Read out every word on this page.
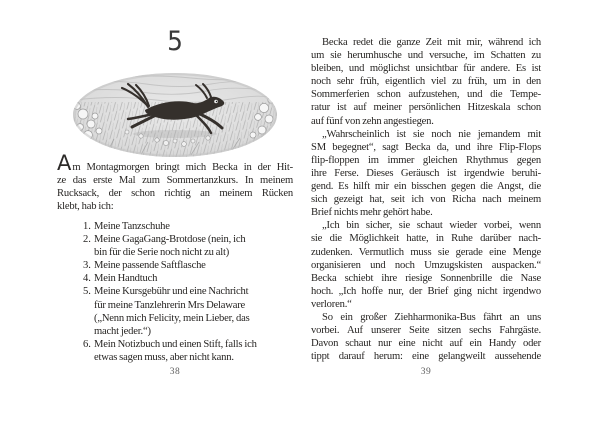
5
Am Montagmorgen bringt mich Becka in der Hit-
ze das erste Mal zum Sommertanzkurs. In meinem
Rucksack, der schon richtig an meinem Rücken
klebt, hab ich:
1. Meine Tanzschuhe
2. Meine GagaGang-Brotdose (nein, ich
bin für die Serie noch nicht zu alt)
3. Meine passende Saftflasche
4. Mein Handtuch
5. Meine Kursgebühr und eine Nachricht
für meine Tanzlehrerin Mrs Delaware
(„Nenn mich Felicity, mein Lieber, das
macht jeder.“)
6. Mein Notizbuch und einen Stift, falls ich
etwas sagen muss, aber nicht kann.
38
Becka redet die ganze Zeit mit mir, während ich
um sie herumhusche und versuche, im Schatten zu
bleiben, und möglichst unsichtbar für andere. Es ist
noch sehr früh, eigentlich viel zu früh, um in den
Sommerferien schon aufzustehen, und die Tempe-
ratur ist auf meiner persönlichen Hitzeskala schon
auf fünf von zehn angestiegen.
„Wahrscheinlich ist sie noch nie jemandem mit
SM begegnet“, sagt Becka da, und ihre Flip-Flops
flip-floppen im immer gleichen Rhythmus gegen
ihre Ferse. Dieses Geräusch ist irgendwie beruhi-
gend. Es hilft mir ein bisschen gegen die Angst, die
sich gezeigt hat, seit ich von Richa nach meinem
Brief nichts mehr gehört habe.
„Ich bin sicher, sie schaut wieder vorbei, wenn
sie die Möglichkeit hatte, in Ruhe darüber nach-
zudenken. Vermutlich muss sie gerade eine Menge
organisieren und noch Umzugskisten auspacken.“
Becka schiebt ihre riesige Sonnenbrille die Nase
hoch. „Ich hoffe nur, der Brief ging nicht irgendwo
verloren.“
So ein großer Ziehharmonika-Bus fährt an uns
vorbei. Auf unserer Seite sitzen sechs Fahrgäste.
Davon schaut nur eine nicht auf ein Handy oder
tippt darauf herum: eine gelangweilt aussehende
39
